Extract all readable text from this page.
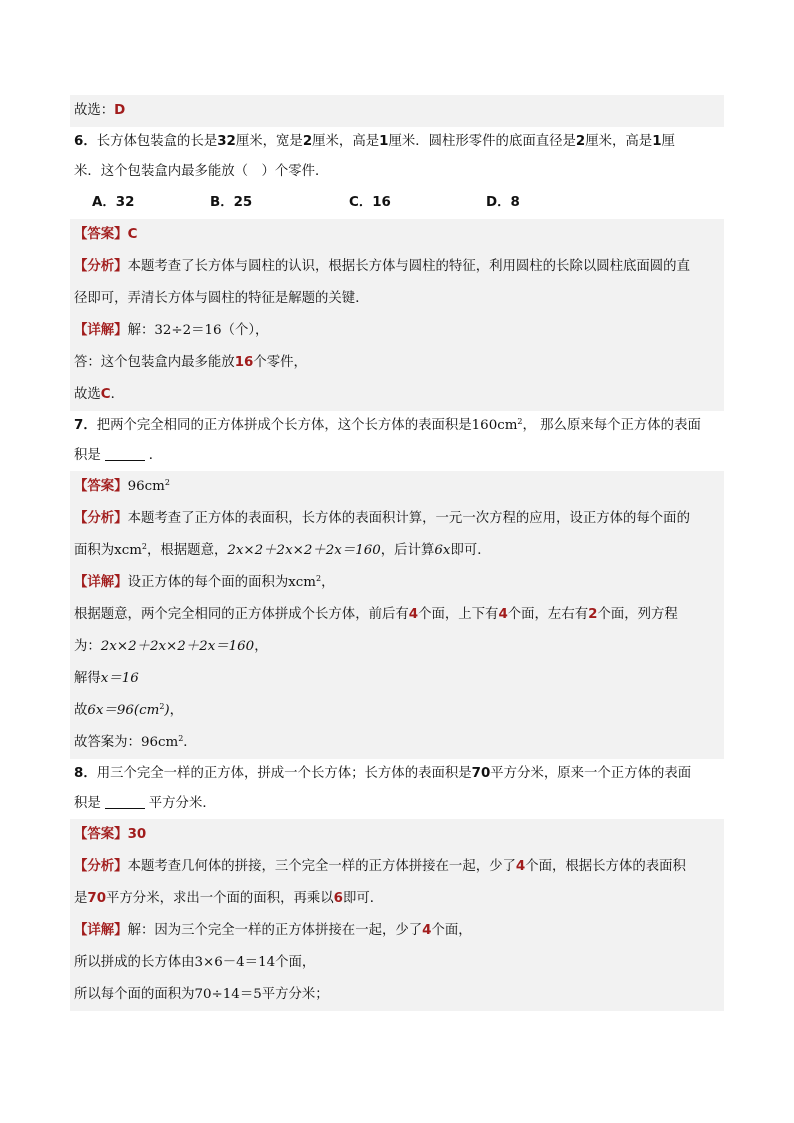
故选：D
6．长方体包装盒的长是32厘米，宽是2厘米，高是1厘米．圆柱形零件的底面直径是2厘米，高是1厘
米．这个包装盒内最多能放（　）个零件．
A．32	B．25	C．16	D．8
【答案】C
【分析】本题考查了长方体与圆柱的认识，根据长方体与圆柱的特征，利用圆柱的长除以圆柱底面圆的直
径即可，弄清长方体与圆柱的特征是解题的关键．
【详解】解：32÷2＝16（个），
答：这个包装盒内最多能放16个零件，
故选C．
7．把两个完全相同的正方体拼成个长方体，这个长方体的表面积是$160cm^2$， 那么原来每个正方体的表面
积是	．
【答案】$96cm^2$
【分析】本题考查了正方体的表面积，长方体的表面积计算，一元一次方程的应用，设正方体的每个面的
面积为xcm$^2$，根据题意，2x×2＋2x×2＋2x＝160，后计算6x即可．
【详解】设正方体的每个面的面积为xcm$^2$，
根据题意，两个完全相同的正方体拼成个长方体，前后有4个面，上下有4个面，左右有2个面，列方程
为：2x×2＋2x×2＋2x＝160，
解得x＝16
故$6x=96(cm^2)$，
故答案为：$96cm^2$．
8．用三个完全一样的正方体，拼成一个长方体；长方体的表面积是70平方分米，原来一个正方体的表面
积是	平方分米．
【答案】30
【分析】本题考查几何体的拼接，三个完全一样的正方体拼接在一起，少了4个面，根据长方体的表面积
是70平方分米，求出一个面的面积，再乘以6即可．
【详解】解：因为三个完全一样的正方体拼接在一起，少了4个面，
所以拼成的长方体由3×6－4＝14个面，
所以每个面的面积为70÷14＝5平方分米；
